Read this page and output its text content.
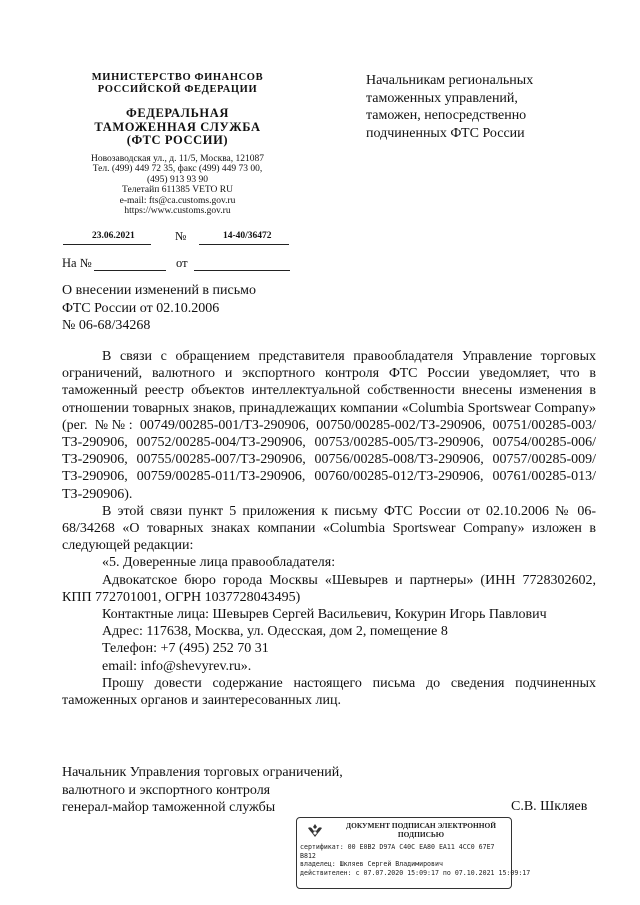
МИНИСТЕРСТВО ФИНАНСОВ
РОССИЙСКОЙ ФЕДЕРАЦИИ
ФЕДЕРАЛЬНАЯ
ТАМОЖЕННАЯ СЛУЖБА
(ФТС РОССИИ)
Новозаводская ул., д. 11/5, Москва, 121087
Тел. (499) 449 72 35, факс (499) 449 73 00,
(495) 913 93 90
Телетайп 611385 VETO RU
e-mail: fts@ca.customs.gov.ru
https://www.customs.gov.ru
23.06.2021	№	14-40/36472
На №	от
Начальникам региональных
таможенных управлений,
таможен, непосредственно
подчиненных ФТС России
О внесении изменений в письмо
ФТС России от 02.10.2006
№ 06-68/34268

В связи с обращением представителя правообладателя Управление торговых ограничений, валютного и экспортного контроля ФТС России уведомляет, что в таможенный реестр объектов интеллектуальной собственности внесены изменения в отношении товарных знаков, принадлежащих компании «Columbia Sportswear Company» (рег. №№: 00749/00285-001/ТЗ-290906, 00750/00285-002/ТЗ-290906, 00751/00285-003/ТЗ-290906, 00752/00285-004/ТЗ-290906, 00753/00285-005/ТЗ-290906, 00754/00285-006/ТЗ-290906, 00755/00285-007/ТЗ-290906, 00756/00285-008/ТЗ-290906, 00757/00285-009/ТЗ-290906, 00759/00285-011/ТЗ-290906, 00760/00285-012/ТЗ-290906, 00761/00285-013/ТЗ-290906).

В этой связи пункт 5 приложения к письму ФТС России от 02.10.2006 № 06-68/34268 «О товарных знаках компании «Columbia Sportswear Company» изложен в следующей редакции:

«5. Доверенные лица правообладателя:

Адвокатское бюро города Москвы «Шевырев и партнеры» (ИНН 7728302602, КПП 772701001, ОГРН 1037728043495)

Контактные лица: Шевырев Сергей Васильевич, Кокурин Игорь Павлович

Адрес: 117638, Москва, ул. Одесская, дом 2, помещение 8

Телефон: +7 (495) 252 70 31

email: info@shevyrev.ru».

Прошу довести содержание настоящего письма до сведения подчиненных таможенных органов и заинтересованных лиц.

Начальник Управления торговых ограничений,
валютного и экспортного контроля
генерал-майор таможенной службы	С.В. Шкляев
ДОКУМЕНТ ПОДПИСАН ЭЛЕКТРОННОЙ
ПОДПИСЬЮ
сертификат: 00 E0B2 D97A C40C EA80 EA11 4CC0 67E7
B812
владелец: Шкляев Сергей Владимирович
действителен: с 07.07.2020 15:09:17 по 07.10.2021 15:09:17
